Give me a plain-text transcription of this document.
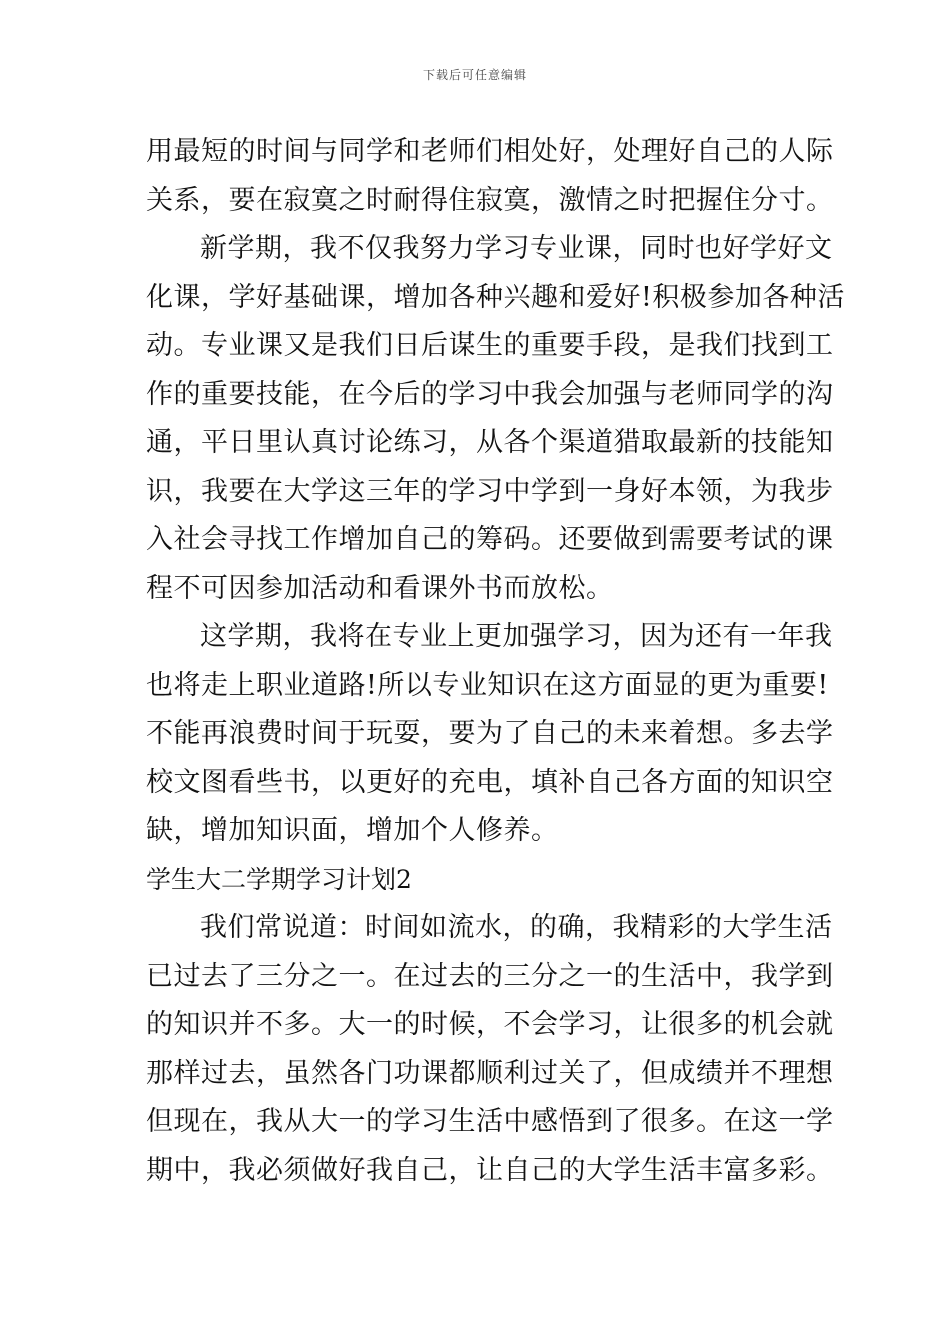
下载后可任意编辑
用最短的时间与同学和老师们相处好，处理好自己的人际
关系，要在寂寞之时耐得住寂寞，激情之时把握住分寸。
新学期，我不仅我努力学习专业课，同时也好学好文
化课，学好基础课，增加各种兴趣和爱好!积极参加各种活
动。专业课又是我们日后谋生的重要手段，是我们找到工
作的重要技能，在今后的学习中我会加强与老师同学的沟
通，平日里认真讨论练习，从各个渠道猎取最新的技能知
识，我要在大学这三年的学习中学到一身好本领，为我步
入社会寻找工作增加自己的筹码。还要做到需要考试的课
程不可因参加活动和看课外书而放松。
这学期，我将在专业上更加强学习，因为还有一年我
也将走上职业道路!所以专业知识在这方面显的更为重要!
不能再浪费时间于玩耍，要为了自己的未来着想。多去学
校文图看些书，以更好的充电，填补自己各方面的知识空
缺，增加知识面，增加个人修养。
学生大二学期学习计划2
我们常说道：时间如流水，的确，我精彩的大学生活
已过去了三分之一。在过去的三分之一的生活中，我学到
的知识并不多。大一的时候，不会学习，让很多的机会就
那样过去，虽然各门功课都顺利过关了，但成绩并不理想
但现在，我从大一的学习生活中感悟到了很多。在这一学
期中，我必须做好我自己，让自己的大学生活丰富多彩。
